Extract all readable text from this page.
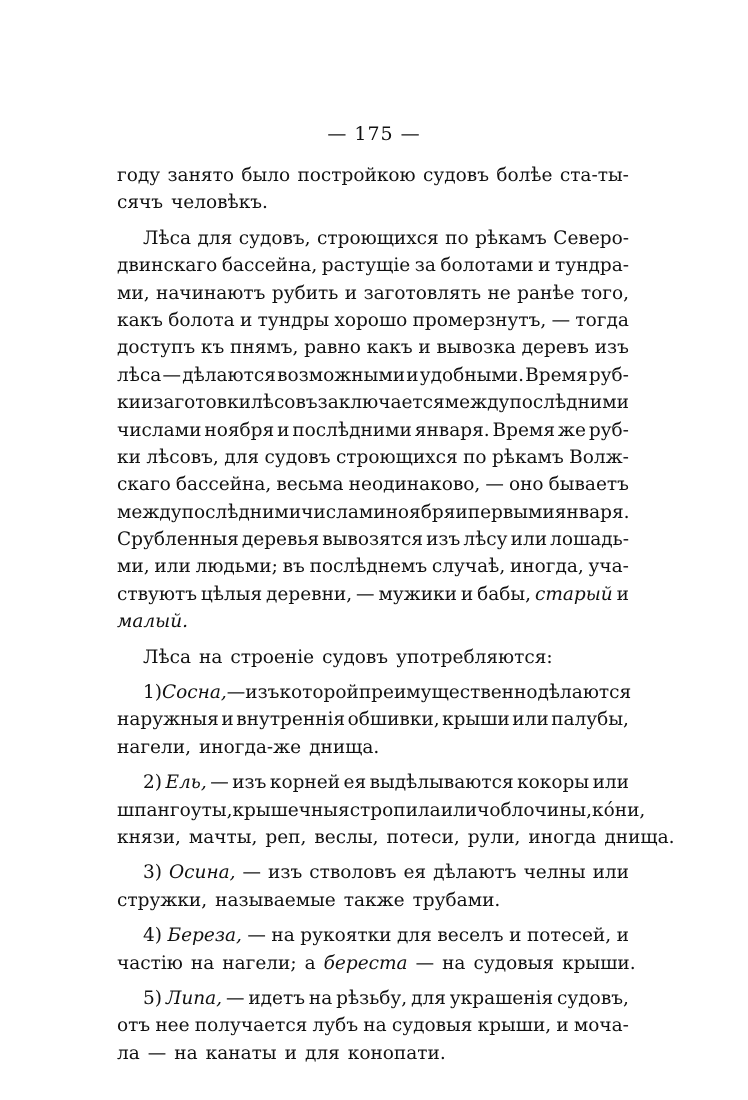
— 175 —
году занято было постройкою судовъ болѣе ста-ты-
сячъ человѣкъ.
Лѣса для судовъ, строющихся по рѣкамъ Северо-
двинскаго бассейна, растущіе за болотами и тундра-
ми, начинаютъ рубить и заготовлять не ранѣе того,
какъ болота и тундры хорошо промерзнутъ, — тогда
доступъ къ пнямъ, равно какъ и вывозка деревъ изъ
лѣса — дѣлаются возможными и удобными. Время руб-
ки и заготовки лѣсовъ заключается между послѣдними
числами ноября и послѣдними января. Время же руб-
ки лѣсовъ, для судовъ строющихся по рѣкамъ Волж-
скаго бассейна, весьма неодинаково, — оно бываетъ
между послѣдними числами ноября и первыми января.
Срубленныя деревья вывозятся изъ лѣсу или лошадь-
ми, или людьми; въ послѣднемъ случаѣ, иногда, уча-
ствуютъ цѣлыя деревни, — мужики и бабы, старый и
малый.
Лѣса на строеніе судовъ употребляются:
1) Сосна, — изъ которой преимущественно дѣлаются
наружныя и внутреннія обшивки, крыши или палубы,
нагели, иногда-же днища.
2) Ель, — изъ корней ея выдѣлываются кокоры или
шпангоуты, крышечныя стропила или чоблочины, кóни,
князи, мачты, реп, веслы, потеси, рули, иногда днища.
3) Осина, — изъ стволовъ ея дѣлаютъ челны или
стружки, называемые также трубами.
4) Береза, — на рукоятки для веселъ и потесей, и
частію на нагели; а береста — на судовыя крыши.
5) Липа, — идетъ на рѣзьбу, для украшенія судовъ,
отъ нее получается лубъ на судовыя крыши, и моча-
ла — на канаты и для конопати.
